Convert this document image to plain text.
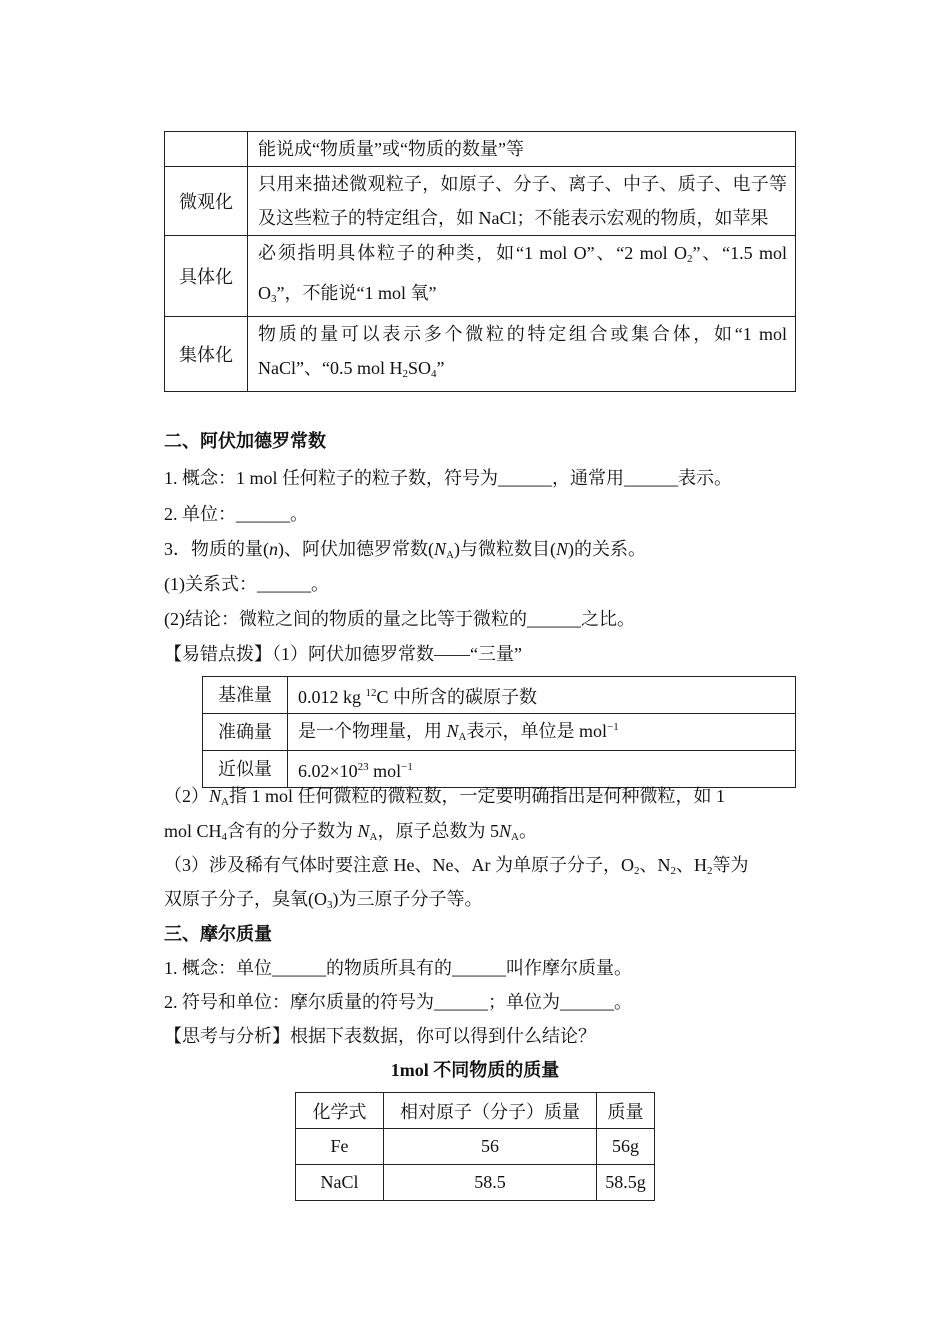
	能说成“物质量”或“物质的数量”等
微观化	只用来描述微观粒子，如原子、分子、离子、中子、质子、电子等及这些粒子的特定组合，如 NaCl；不能表示宏观的物质，如苹果
具体化	必须指明具体粒子的种类，如“1 mol O”、“2 mol $O_2$”、“1.5 mol $O_3$”，不能说“1 mol 氧”
集体化	物质的量可以表示多个微粒的特定组合或集合体，如“1 mol NaCl”、“0.5 mol $H_2SO_4$”
二、阿伏加德罗常数
1. 概念：1 mol 任何粒子的粒子数，符号为______，通常用______表示。
2. 单位：______。
3．物质的量(n)、阿伏加德罗常数$(N_A)$与微粒数目(N)的关系。
(1)关系式：______。
(2)结论：微粒之间的物质的量之比等于微粒的______之比。
【易错点拨】（1）阿伏加德罗常数——“三量”
基准量	0.012 kg $^{12}$C 中所含的碳原子数
准确量	是一个物理量，用 $N_A$表示，单位是 mol$^{-1}$
近似量	$6.02\times 10^{23}$ mol$^{-1}$
$(2)N_A$指 1 mol 任何微粒的微粒数，一定要明确指出是何种微粒，如 1
mol $CH_4$含有的分子数为 $N_A$，原子总数为 $5N_A$。
（3）涉及稀有气体时要注意 He、Ne、Ar 为单原子分子，$O_2$、$N_2$、$H_2$等为
双原子分子，臭氧$(O_3)$为三原子分子等。
三、摩尔质量
1. 概念：单位______的物质所具有的______叫作摩尔质量。
2. 符号和单位：摩尔质量的符号为______；单位为______。
【思考与分析】根据下表数据，你可以得到什么结论？
1mol 不同物质的质量
化学式	相对原子（分子）质量	质量
Fe	56	56g
NaCl	58.5	58.5g
